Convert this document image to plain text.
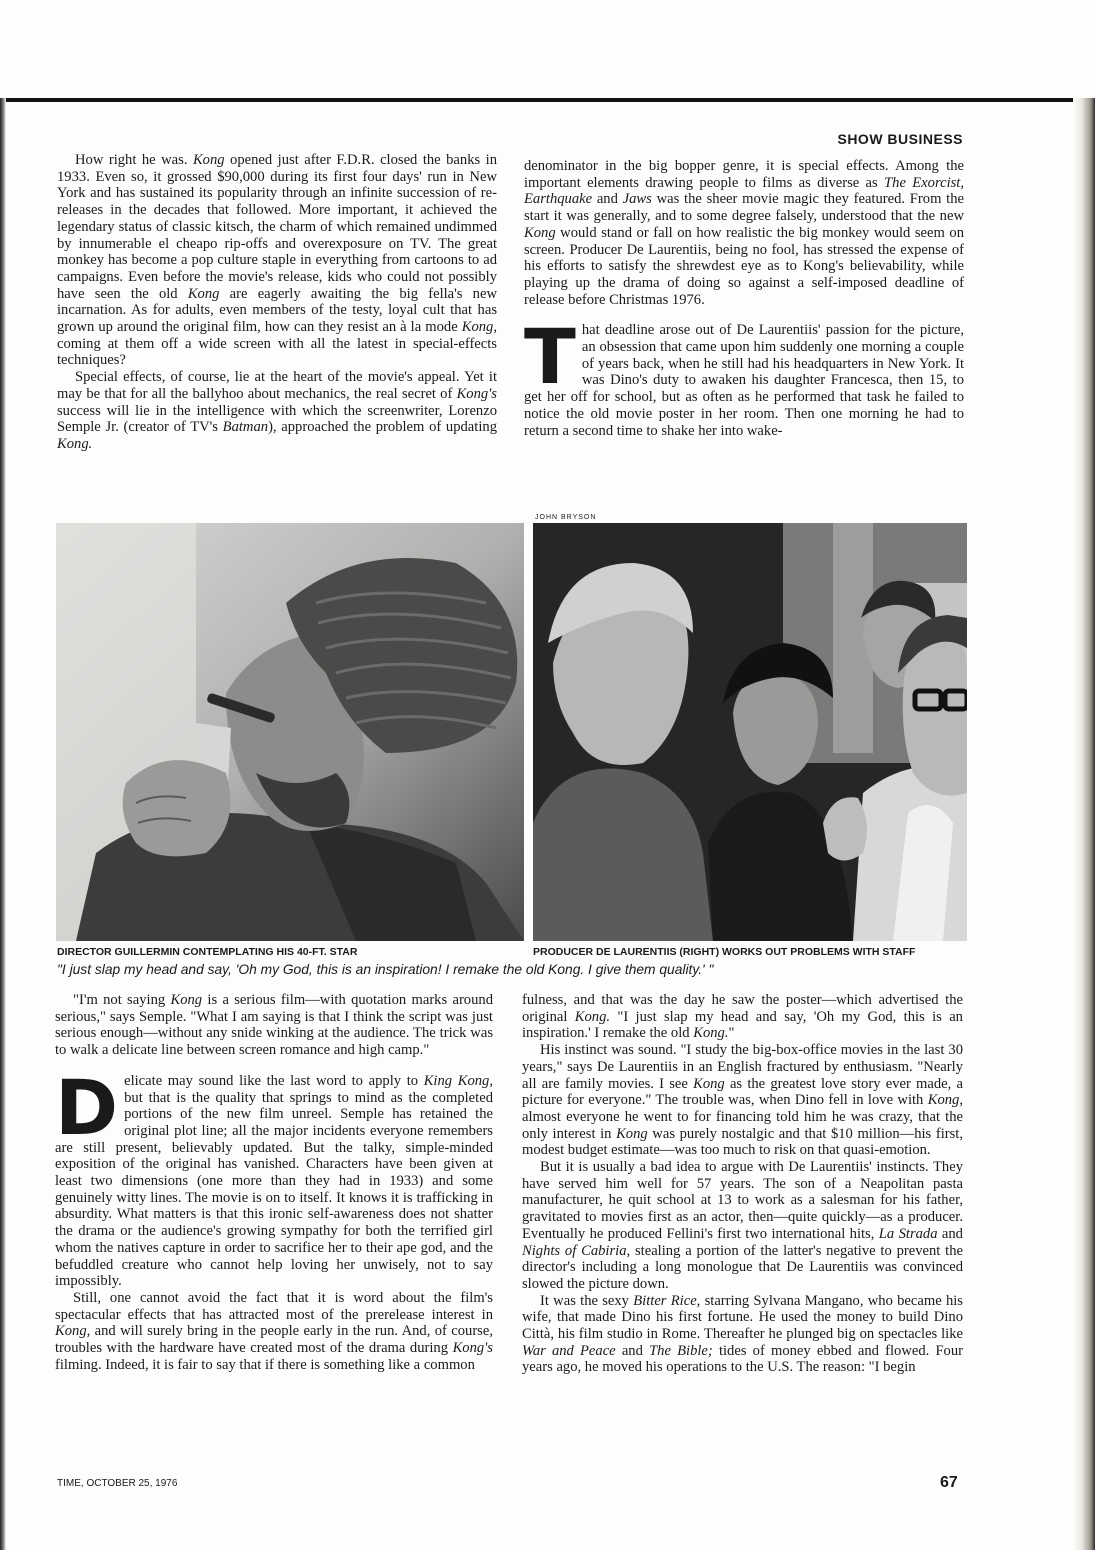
SHOW BUSINESS

How right he was. Kong opened just after F.D.R. closed the banks in 1933. Even so, it grossed $90,000 during its first four days' run in New York and has sustained its popularity through an infinite succession of re-releases in the decades that followed. More important, it achieved the legendary status of classic kitsch, the charm of which remained undimmed by innumerable el cheapo rip-offs and overexposure on TV. The great monkey has become a pop culture staple in everything from cartoons to ad campaigns. Even before the movie's release, kids who could not possibly have seen the old Kong are eagerly awaiting the big fella's new incarnation. As for adults, even members of the testy, loyal cult that has grown up around the original film, how can they resist an à la mode Kong, coming at them off a wide screen with all the latest in special-effects techniques?

Special effects, of course, lie at the heart of the movie's appeal. Yet it may be that for all the ballyhoo about mechanics, the real secret of Kong's success will lie in the intelligence with which the screenwriter, Lorenzo Semple Jr. (creator of TV's Batman), approached the problem of updating Kong.

denominator in the big bopper genre, it is special effects. Among the important elements drawing people to films as diverse as The Exorcist, Earthquake and Jaws was the sheer movie magic they featured. From the start it was generally, and to some degree falsely, understood that the new Kong would stand or fall on how realistic the big monkey would seem on screen. Producer De Laurentiis, being no fool, has stressed the expense of his efforts to satisfy the shrewdest eye as to Kong's believability, while playing up the drama of doing so against a self-imposed deadline of release before Christmas 1976.

That deadline arose out of De Laurentiis' passion for the picture, an obsession that came upon him suddenly one morning a couple of years back, when he still had his headquarters in New York. It was Dino's duty to awaken his daughter Francesca, then 15, to get her off for school, but as often as he performed that task he failed to notice the old movie poster in her room. Then one morning he had to return a second time to shake her into wake-

JOHN BRYSON
DIRECTOR GUILLERMIN CONTEMPLATING HIS 40-FT. STAR	PRODUCER DE LAURENTIIS (RIGHT) WORKS OUT PROBLEMS WITH STAFF
"I just slap my head and say, 'Oh my God, this is an inspiration! I remake the old Kong. I give them quality.' "

"I'm not saying Kong is a serious film—with quotation marks around serious," says Semple. "What I am saying is that I think the script was just serious enough—without any snide winking at the audience. The trick was to walk a delicate line between screen romance and high camp."

Delicate may sound like the last word to apply to King Kong, but that is the quality that springs to mind as the completed portions of the new film unreel. Semple has retained the original plot line; all the major incidents everyone remembers are still present, believably updated. But the talky, simple-minded exposition of the original has vanished. Characters have been given at least two dimensions (one more than they had in 1933) and some genuinely witty lines. The movie is on to itself. It knows it is trafficking in absurdity. What matters is that this ironic self-awareness does not shatter the drama or the audience's growing sympathy for both the terrified girl whom the natives capture in order to sacrifice her to their ape god, and the befuddled creature who cannot help loving her unwisely, not to say impossibly.

Still, one cannot avoid the fact that it is word about the film's spectacular effects that has attracted most of the prerelease interest in Kong, and will surely bring in the people early in the run. And, of course, troubles with the hardware have created most of the drama during Kong's filming. Indeed, it is fair to say that if there is something like a common

fulness, and that was the day he saw the poster—which advertised the original Kong. "I just slap my head and say, 'Oh my God, this is an inspiration.' I remake the old Kong."

His instinct was sound. "I study the big-box-office movies in the last 30 years," says De Laurentiis in an English fractured by enthusiasm. "Nearly all are family movies. I see Kong as the greatest love story ever made, a picture for everyone." The trouble was, when Dino fell in love with Kong, almost everyone he went to for financing told him he was crazy, that the only interest in Kong was purely nostalgic and that $10 million—his first, modest budget estimate—was too much to risk on that quasi-emotion.

But it is usually a bad idea to argue with De Laurentiis' instincts. They have served him well for 57 years. The son of a Neapolitan pasta manufacturer, he quit school at 13 to work as a salesman for his father, gravitated to movies first as an actor, then—quite quickly—as a producer. Eventually he produced Fellini's first two international hits, La Strada and Nights of Cabiria, stealing a portion of the latter's negative to prevent the director's including a long monologue that De Laurentiis was convinced slowed the picture down.

It was the sexy Bitter Rice, starring Sylvana Mangano, who became his wife, that made Dino his first fortune. He used the money to build Dino Città, his film studio in Rome. Thereafter he plunged big on spectacles like War and Peace and The Bible; tides of money ebbed and flowed. Four years ago, he moved his operations to the U.S. The reason: "I begin

TIME, OCTOBER 25, 1976	67
